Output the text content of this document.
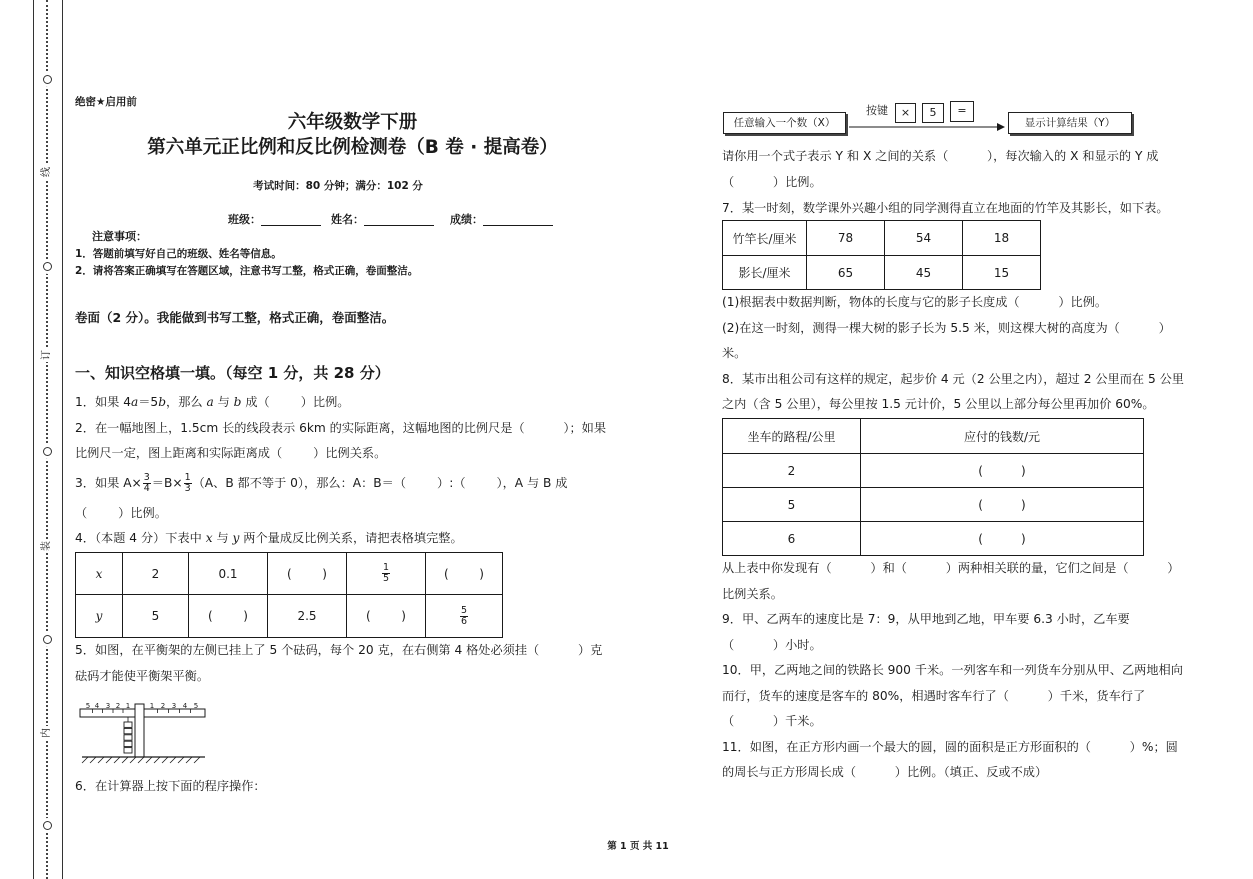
线
订
装
内
绝密★启用前
六年级数学下册
第六单元正比例和反比例检测卷（B 卷 · 提高卷）
考试时间：80 分钟；满分：102 分
班级：	姓名：	成绩：
注意事项：
1．答题前填写好自己的班级、姓名等信息。
2．请将答案正确填写在答题区域，注意书写工整，格式正确，卷面整洁。
卷面（2 分）。我能做到书写工整，格式正确，卷面整洁。
一、知识空格填一填。（每空 1 分，共 28 分）
1．如果 4a＝5b，那么 a 与 b 成（        ）比例。
2．在一幅地图上，1.5cm 长的线段表示 6km 的实际距离，这幅地图的比例尺是（          ）；如果
比例尺一定，图上距离和实际距离成（        ）比例关系。
3．如果 $A\times \frac{3}{4} =B\times \frac{1}{3} (A$、B 都不等于 0），那么：A：B＝（        ）:（        ），A 与 B 成
（        ）比例。
4．（本题 4 分）下表中 x 与 y 两个量成反比例关系，请把表格填完整。
x	2	0.1	(        )	$\frac{1}{5}$	(        )
y	5	(        )	2.5	(        )	$\frac{5}{6}$
5．如图，在平衡架的左侧已挂上了 5 个砝码，每个 20 克，在右侧第 4 格处必须挂（          ）克
砝码才能使平衡架平衡。
5 4 3 2 1	1 2 3 4 5
6．在计算器上按下面的程序操作：
任意输入一个数（X）
按键	×	5	=
显示计算结果（Y）
请你用一个式子表示 Y 和 X 之间的关系（          ），每次输入的 X 和显示的 Y 成
（          ）比例。
7．某一时刻，数学课外兴趣小组的同学测得直立在地面的竹竿及其影长，如下表。
竹竿长/厘米	78	54	18
影长/厘米	65	45	15
(1)根据表中数据判断，物体的长度与它的影子长度成（          ）比例。
(2)在这一时刻，测得一棵大树的影子长为 5.5 米，则这棵大树的高度为（          ）
米。
8．某市出租公司有这样的规定，起步价 4 元（2 公里之内），超过 2 公里而在 5 公里
之内（含 5 公里），每公里按 1.5 元计价，5 公里以上部分每公里再加价 60%。
坐车的路程/公里	应付的钱数/元
2	(          )
5	(          )
6	(          )
从上表中你发现有（          ）和（          ）两种相关联的量，它们之间是（          ）
比例关系。
9．甲、乙两车的速度比是 7：9，从甲地到乙地，甲车要 6.3 小时，乙车要
（          ）小时。
10．甲，乙两地之间的铁路长 900 千米。一列客车和一列货车分别从甲、乙两地相向
而行，货车的速度是客车的 80%，相遇时客车行了（          ）千米，货车行了
（          ）千米。
11．如图，在正方形内画一个最大的圆，圆的面积是正方形面积的（          ）%；圆
的周长与正方形周长成（          ）比例。（填正、反或不成）
第 1 页 共 11
